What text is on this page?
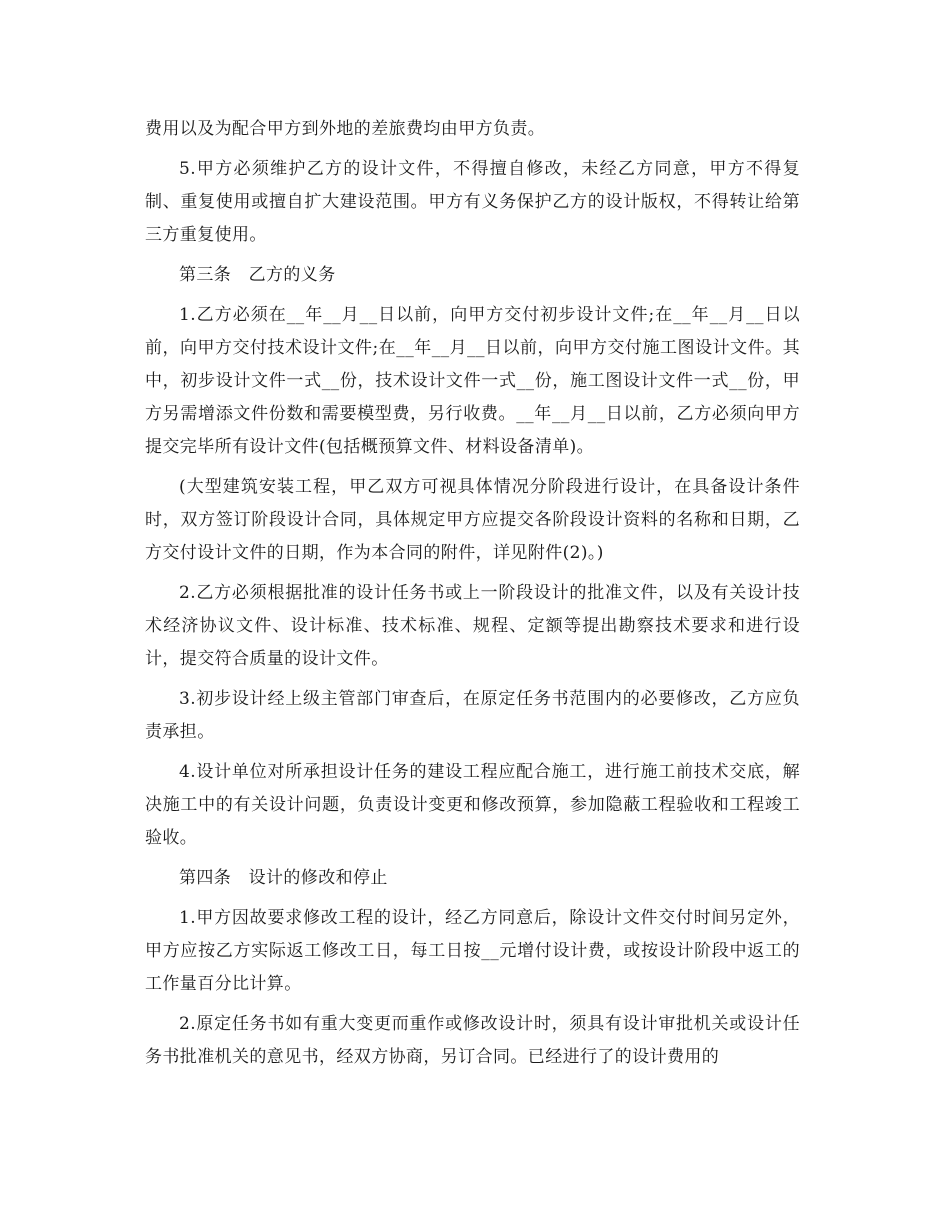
费用以及为配合甲方到外地的差旅费均由甲方负责。

5.甲方必须维护乙方的设计文件，不得擅自修改，未经乙方同意，甲方不得复制、重复使用或擅自扩大建设范围。甲方有义务保护乙方的设计版权，不得转让给第三方重复使用。

第三条　乙方的义务

1.乙方必须在__年__月__日以前，向甲方交付初步设计文件;在__年__月__日以前，向甲方交付技术设计文件;在__年__月__日以前，向甲方交付施工图设计文件。其中，初步设计文件一式__份，技术设计文件一式__份，施工图设计文件一式__份，甲方另需增添文件份数和需要模型费，另行收费。__年__月__日以前，乙方必须向甲方提交完毕所有设计文件(包括概预算文件、材料设备清单)。

(大型建筑安装工程，甲乙双方可视具体情况分阶段进行设计，在具备设计条件时，双方签订阶段设计合同，具体规定甲方应提交各阶段设计资料的名称和日期，乙方交付设计文件的日期，作为本合同的附件，详见附件(2)。)

2.乙方必须根据批准的设计任务书或上一阶段设计的批准文件，以及有关设计技术经济协议文件、设计标准、技术标准、规程、定额等提出勘察技术要求和进行设计，提交符合质量的设计文件。

3.初步设计经上级主管部门审查后，在原定任务书范围内的必要修改，乙方应负责承担。

4.设计单位对所承担设计任务的建设工程应配合施工，进行施工前技术交底，解决施工中的有关设计问题，负责设计变更和修改预算，参加隐蔽工程验收和工程竣工验收。

第四条　设计的修改和停止

1.甲方因故要求修改工程的设计，经乙方同意后，除设计文件交付时间另定外，甲方应按乙方实际返工修改工日，每工日按__元增付设计费，或按设计阶段中返工的工作量百分比计算。

2.原定任务书如有重大变更而重作或修改设计时，须具有设计审批机关或设计任务书批准机关的意见书，经双方协商，另订合同。已经进行了的设计费用的
